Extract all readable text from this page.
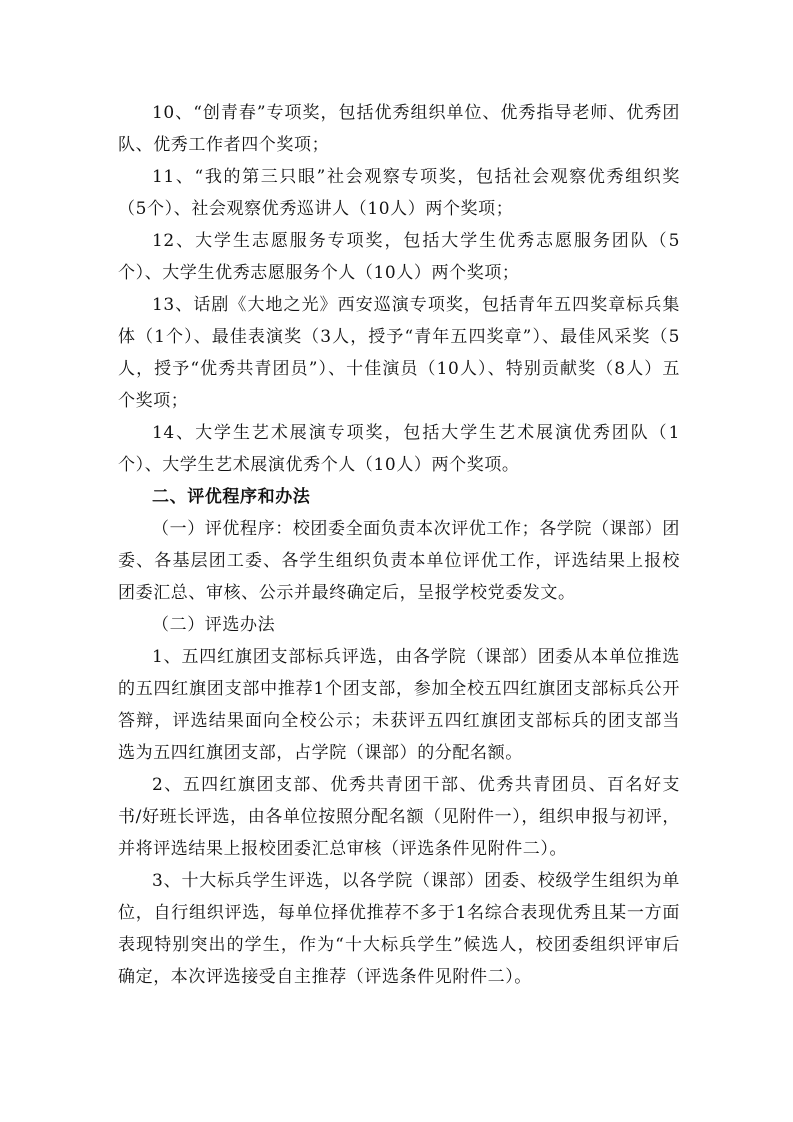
10、“创青春”专项奖，包括优秀组织单位、优秀指导老师、优秀团队、优秀工作者四个奖项；

11、“我的第三只眼”社会观察专项奖，包括社会观察优秀组织奖（5个）、社会观察优秀巡讲人（10人）两个奖项；

12、大学生志愿服务专项奖，包括大学生优秀志愿服务团队（5个）、大学生优秀志愿服务个人（10人）两个奖项；

13、话剧《大地之光》西安巡演专项奖，包括青年五四奖章标兵集体（1个）、最佳表演奖（3人，授予“青年五四奖章”）、最佳风采奖（5人，授予“优秀共青团员”）、十佳演员（10人）、特别贡献奖（8人）五个奖项；

14、大学生艺术展演专项奖，包括大学生艺术展演优秀团队（1个）、大学生艺术展演优秀个人（10人）两个奖项。

二、评优程序和办法

（一）评优程序：校团委全面负责本次评优工作；各学院（课部）团委、各基层团工委、各学生组织负责本单位评优工作，评选结果上报校团委汇总、审核、公示并最终确定后，呈报学校党委发文。

（二）评选办法

1、五四红旗团支部标兵评选，由各学院（课部）团委从本单位推选的五四红旗团支部中推荐1个团支部，参加全校五四红旗团支部标兵公开答辩，评选结果面向全校公示；未获评五四红旗团支部标兵的团支部当选为五四红旗团支部，占学院（课部）的分配名额。

2、五四红旗团支部、优秀共青团干部、优秀共青团员、百名好支书/好班长评选，由各单位按照分配名额（见附件一），组织申报与初评，并将评选结果上报校团委汇总审核（评选条件见附件二）。

3、十大标兵学生评选，以各学院（课部）团委、校级学生组织为单位，自行组织评选，每单位择优推荐不多于1名综合表现优秀且某一方面表现特别突出的学生，作为“十大标兵学生”候选人，校团委组织评审后确定，本次评选接受自主推荐（评选条件见附件二）。
